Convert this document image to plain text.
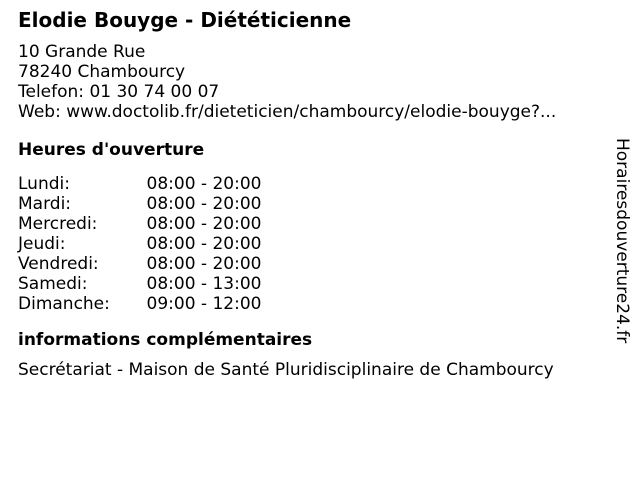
Elodie Bouyge - Diététicienne
10 Grande Rue
78240 Chambourcy
Telefon: 01 30 74 00 07
Web: www.doctolib.fr/dieteticien/chambourcy/elodie-bouyge?...
Heures d'ouverture
Lundi:	08:00 - 20:00
Mardi:	08:00 - 20:00
Mercredi:	08:00 - 20:00
Jeudi:	08:00 - 20:00
Vendredi:	08:00 - 20:00
Samedi:	08:00 - 13:00
Dimanche:	09:00 - 12:00
informations complémentaires

Secrétariat - Maison de Santé Pluridisciplinaire de Chambourcy

Horairesdouverture24.fr
